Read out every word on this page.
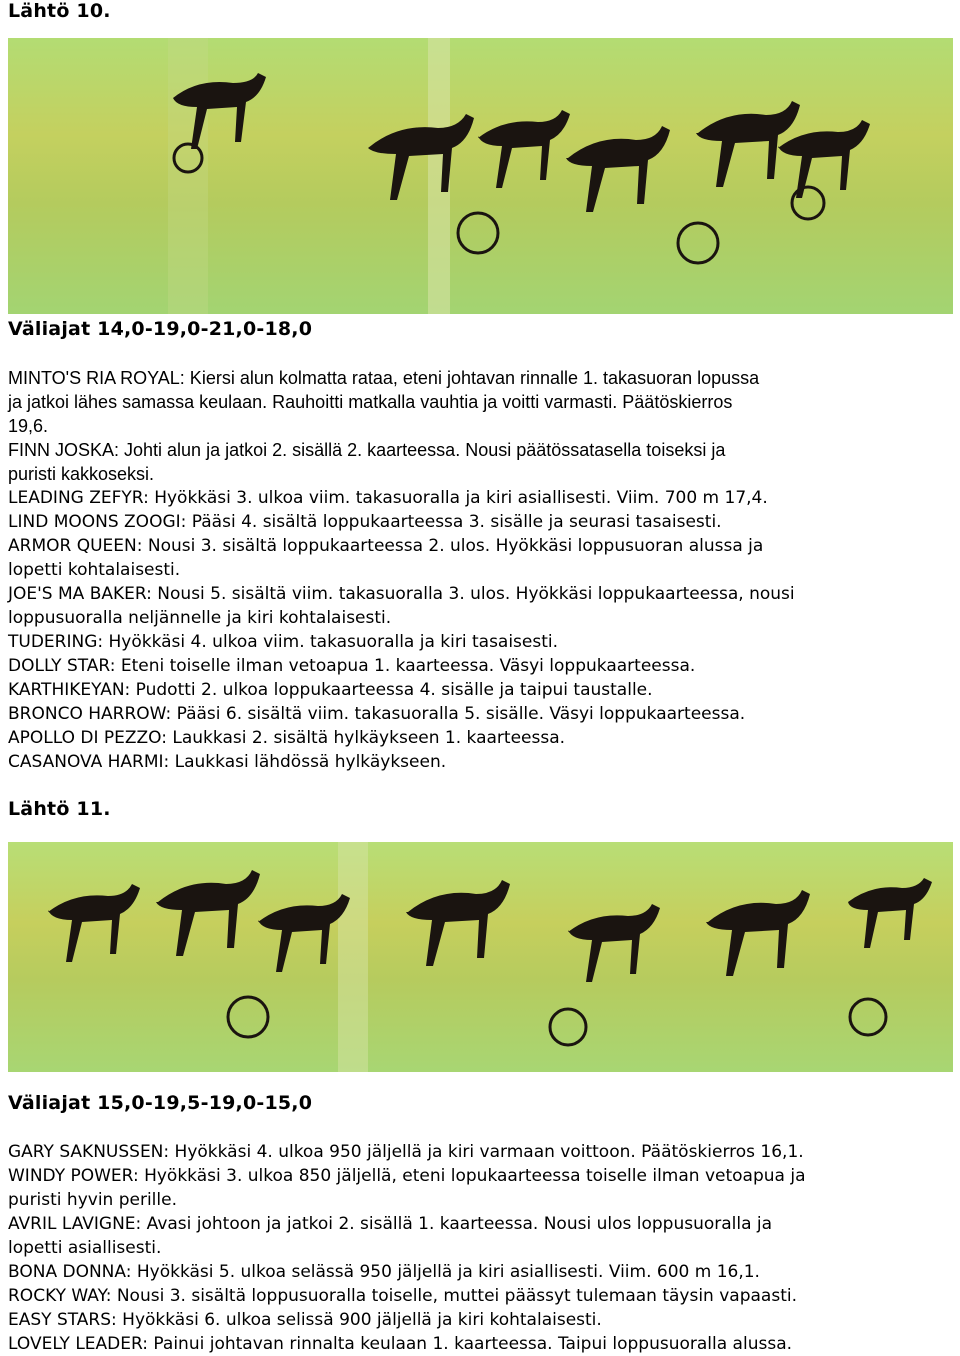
Lähtö 10.
Väliajat 14,0-19,0-21,0-18,0
MINTO'S RIA ROYAL: Kiersi alun kolmatta rataa, eteni johtavan rinnalle 1. takasuoran lopussa
ja jatkoi lähes samassa keulaan. Rauhoitti matkalla vauhtia ja voitti varmasti. Päätöskierros
19,6.
FINN JOSKA: Johti alun ja jatkoi 2. sisällä 2. kaarteessa. Nousi päätössatasella toiseksi ja
puristi kakkoseksi.
LEADING ZEFYR: Hyökkäsi 3. ulkoa viim. takasuoralla ja kiri asiallisesti. Viim. 700 m 17,4.
LIND MOONS ZOOGI: Pääsi 4. sisältä loppukaarteessa 3. sisälle ja seurasi tasaisesti.
ARMOR QUEEN: Nousi 3. sisältä loppukaarteessa 2. ulos. Hyökkäsi loppusuoran alussa ja
lopetti kohtalaisesti.
JOE'S MA BAKER: Nousi 5. sisältä viim. takasuoralla 3. ulos. Hyökkäsi loppukaarteessa, nousi
loppusuoralla neljännelle ja kiri kohtalaisesti.
TUDERING: Hyökkäsi 4. ulkoa viim. takasuoralla ja kiri tasaisesti.
DOLLY STAR: Eteni toiselle ilman vetoapua 1. kaarteessa. Väsyi loppukaarteessa.
KARTHIKEYAN: Pudotti 2. ulkoa loppukaarteessa 4. sisälle ja taipui taustalle.
BRONCO HARROW: Pääsi 6. sisältä viim. takasuoralla 5. sisälle. Väsyi loppukaarteessa.
APOLLO DI PEZZO: Laukkasi 2. sisältä hylkäykseen 1. kaarteessa.
CASANOVA HARMI: Laukkasi lähdössä hylkäykseen.
Lähtö 11.
Väliajat 15,0-19,5-19,0-15,0
GARY SAKNUSSEN: Hyökkäsi 4. ulkoa 950 jäljellä ja kiri varmaan voittoon. Päätöskierros 16,1.
WINDY POWER: Hyökkäsi 3. ulkoa 850 jäljellä, eteni lopukaarteessa toiselle ilman vetoapua ja
puristi hyvin perille.
AVRIL LAVIGNE: Avasi johtoon ja jatkoi 2. sisällä 1. kaarteessa. Nousi ulos loppusuoralla ja
lopetti asiallisesti.
BONA DONNA: Hyökkäsi 5. ulkoa selässä 950 jäljellä ja kiri asiallisesti. Viim. 600 m 16,1.
ROCKY WAY: Nousi 3. sisältä loppusuoralla toiselle, muttei päässyt tulemaan täysin vapaasti.
EASY STARS: Hyökkäsi 6. ulkoa selissä 900 jäljellä ja kiri kohtalaisesti.
LOVELY LEADER: Painui johtavan rinnalta keulaan 1. kaarteessa. Taipui loppusuoralla alussa.
